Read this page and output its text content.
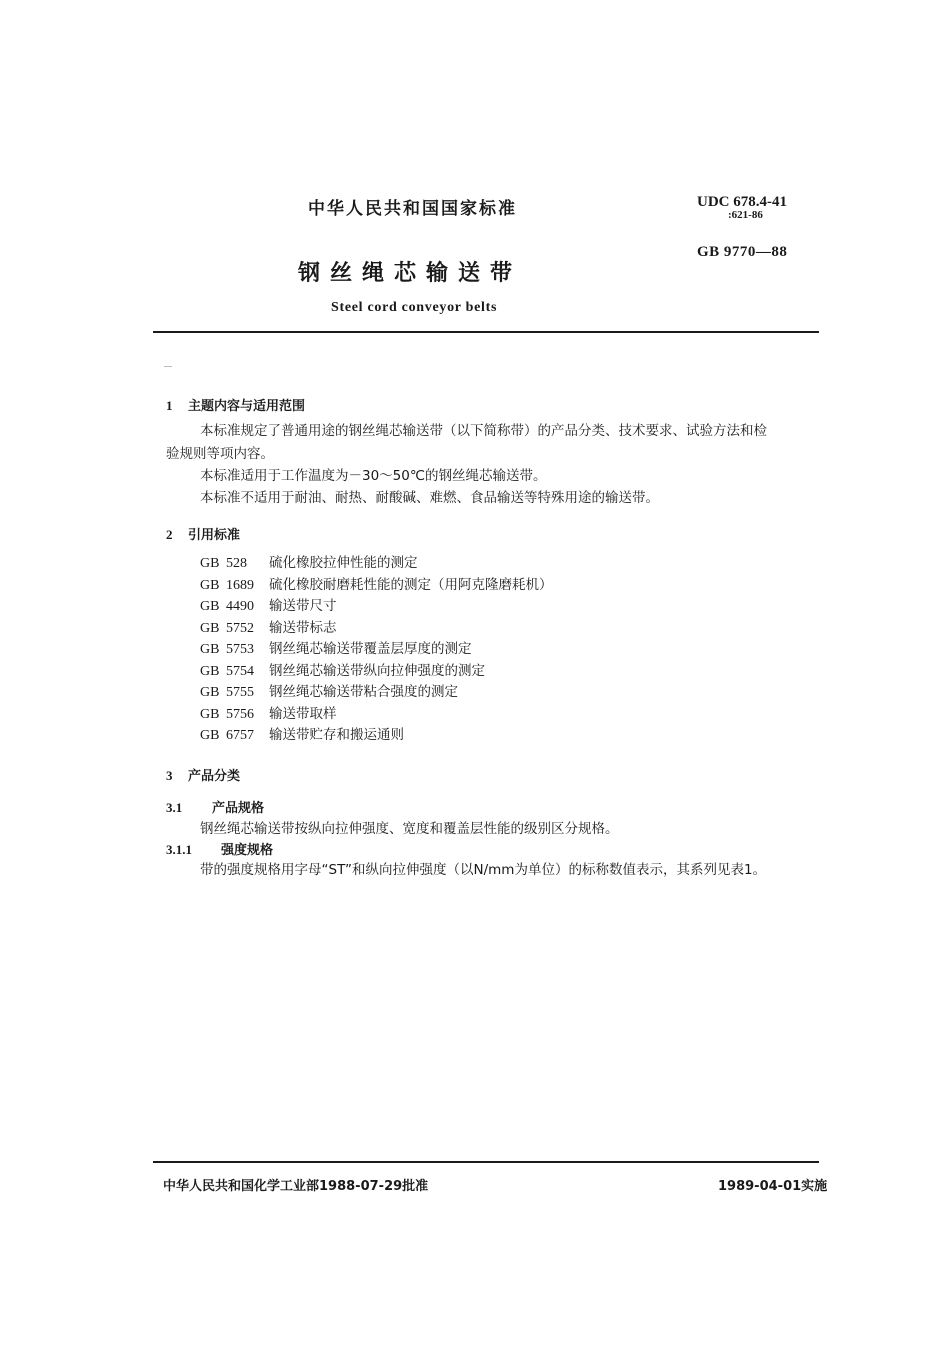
中华人民共和国国家标准	UDC 678.4-41
:621-86
GB 9770—88
钢丝绳芯输送带
Steel cord conveyor belts
1 主题内容与适用范围
本标准规定了普通用途的钢丝绳芯输送带（以下简称带）的产品分类、技术要求、试验方法和检
验规则等项内容。
本标准适用于工作温度为－30～50℃的钢丝绳芯输送带。
本标准不适用于耐油、耐热、耐酸碱、难燃、食品输送等特殊用途的输送带。
2 引用标准
GB 528 硫化橡胶拉伸性能的测定
GB 1689 硫化橡胶耐磨耗性能的测定（用阿克隆磨耗机）
GB 4490 输送带尺寸
GB 5752 输送带标志
GB 5753 钢丝绳芯输送带覆盖层厚度的测定
GB 5754 钢丝绳芯输送带纵向拉伸强度的测定
GB 5755 钢丝绳芯输送带粘合强度的测定
GB 5756 输送带取样
GB 6757 输送带贮存和搬运通则
3 产品分类
3.1 产品规格
钢丝绳芯输送带按纵向拉伸强度、宽度和覆盖层性能的级别区分规格。
3.1.1 强度规格
带的强度规格用字母“ST”和纵向拉伸强度（以N/mm为单位）的标称数值表示，其系列见表1。
中华人民共和国化学工业部1988-07-29批准	1989-04-01实施
